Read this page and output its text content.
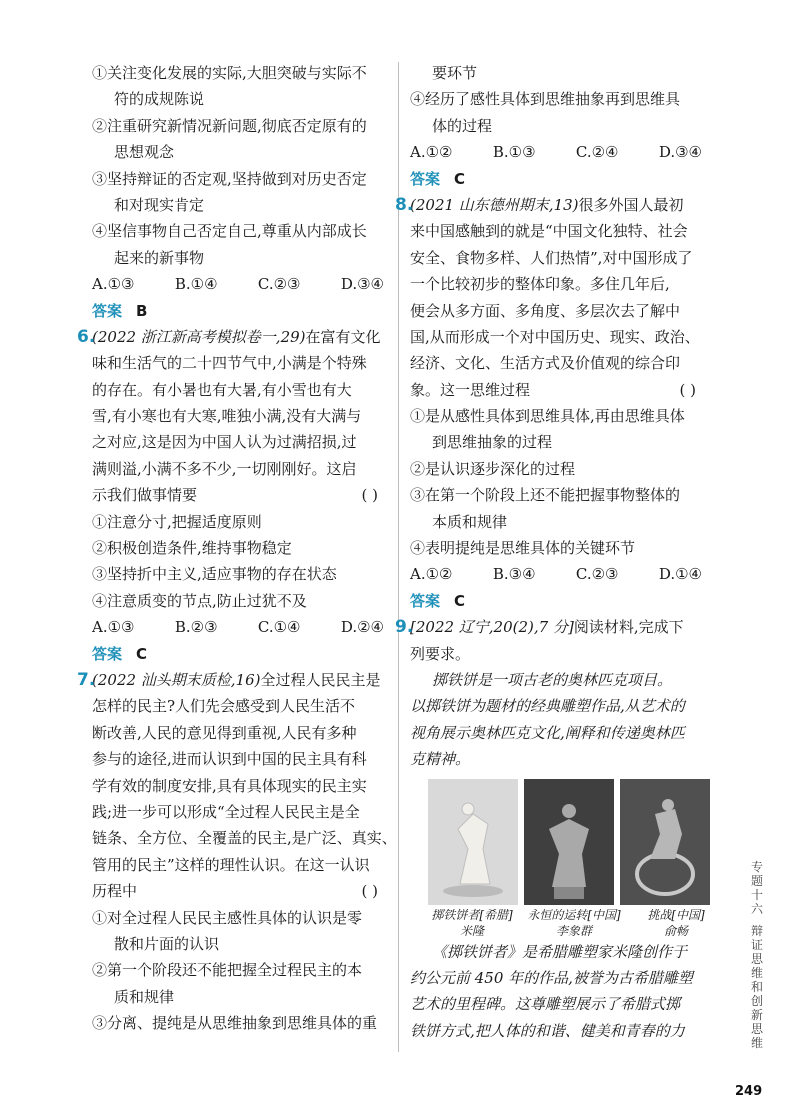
①关注变化发展的实际,大胆突破与实际不
符的成规陈说
②注重研究新情况新问题,彻底否定原有的
思想观念
③坚持辩证的否定观,坚持做到对历史否定
和对现实肯定
④坚信事物自己否定自己,尊重从内部成长
起来的新事物
A.①③	B.①④	C.②③	D.③④
答案 B
6.
(2022 浙江新高考模拟卷一,29)在富有文化
味和生活气的二十四节气中,小满是个特殊
的存在。有小暑也有大暑,有小雪也有大
雪,有小寒也有大寒,唯独小满,没有大满与
之对应,这是因为中国人认为过满招损,过
满则溢,小满不多不少,一切刚刚好。这启
示我们做事情要	( )
①注意分寸,把握适度原则
②积极创造条件,维持事物稳定
③坚持折中主义,适应事物的存在状态
④注意质变的节点,防止过犹不及
A.①③	B.②③	C.①④	D.②④
答案 C
7.
(2022 汕头期末质检,16)全过程人民民主是
怎样的民主?人们先会感受到人民生活不
断改善,人民的意见得到重视,人民有多种
参与的途径,进而认识到中国的民主具有科
学有效的制度安排,具有具体现实的民主实
践;进一步可以形成“全过程人民民主是全
链条、全方位、全覆盖的民主,是广泛、真实、
管用的民主”这样的理性认识。在这一认识
历程中	( )
①对全过程人民民主感性具体的认识是零
散和片面的认识
②第一个阶段还不能把握全过程民主的本
质和规律
③分离、提纯是从思维抽象到思维具体的重
要环节
④经历了感性具体到思维抽象再到思维具
体的过程
A.①②	B.①③	C.②④	D.③④
答案 C
8.
(2021 山东德州期末,13)很多外国人最初
来中国感触到的就是“中国文化独特、社会
安全、食物多样、人们热情”,对中国形成了
一个比较初步的整体印象。多住几年后,
便会从多方面、多角度、多层次去了解中
国,从而形成一个对中国历史、现实、政治、
经济、文化、生活方式及价值观的综合印
象。这一思维过程	( )
①是从感性具体到思维具体,再由思维具体
到思维抽象的过程
②是认识逐步深化的过程
③在第一个阶段上还不能把握事物整体的
本质和规律
④表明提纯是思维具体的关键环节
A.①②	B.③④	C.②③	D.①④
答案 C
9.
[2022 辽宁,20(2),7 分]阅读材料,完成下
列要求。
掷铁饼是一项古老的奥林匹克项目。
以掷铁饼为题材的经典雕塑作品,从艺术的
视角展示奥林匹克文化,阐释和传递奥林匹
克精神。
掷铁饼者[希腊]
米隆
永恒的运转[中国]
李象群
挑战[中国]
俞畅
《掷铁饼者》是希腊雕塑家米隆创作于
约公元前 450 年的作品,被誉为古希腊雕塑
艺术的里程碑。这尊雕塑展示了希腊式掷
铁饼方式,把人体的和谐、健美和青春的力
专
题
十
六
辩
证
思
维
和
创
新
思
维
249
